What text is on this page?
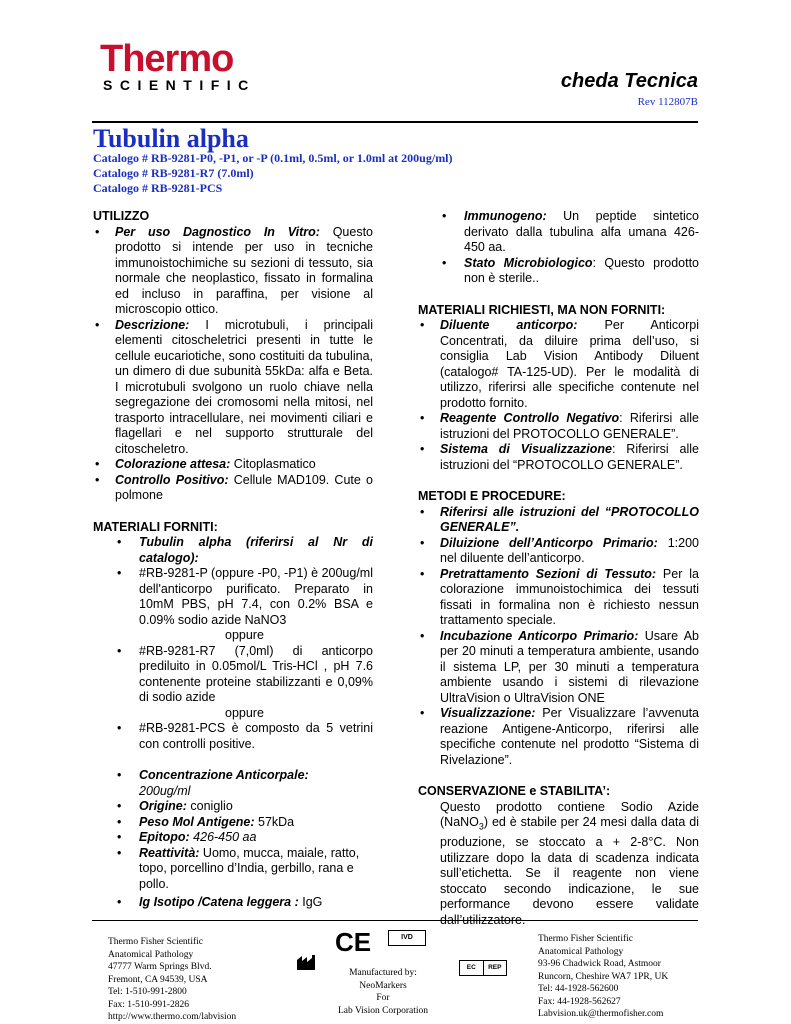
Thermo
SCIENTIFIC	cheda Tecnica
Rev 112807B
Tubulin alpha
Catalogo # RB-9281-P0, -P1, or -P (0.1ml, 0.5ml, or 1.0ml at 200ug/ml)
Catalogo # RB-9281-R7 (7.0ml)
Catalogo # RB-9281-PCS

UTILIZZO

• Per uso Dagnostico In Vitro: Questo prodotto si intende per uso in tecniche immunoistochimiche su sezioni di tessuto, sia normale che neoplastico, fissato in formalina ed incluso in paraffina, per visione al microscopio ottico.
• Descrizione: I microtubuli, i principali elementi citoscheletrici presenti in tutte le cellule eucariotiche, sono costituiti da tubulina, un dimero di due subunità 55kDa: alfa e Beta. I microtubuli svolgono un ruolo chiave nella segregazione dei cromosomi nella mitosi, nel trasporto intracellulare, nei movimenti ciliari e flagellari e nel supporto strutturale del citoscheletro.
• Colorazione attesa: Citoplasmatico
• Controllo Positivo: Cellule MAD109. Cute o polmone

MATERIALI FORNITI:

• Tubulin alpha (riferirsi al Nr di catalogo):
• #RB-9281-P (oppure -P0, -P1) è 200ug/ml dell'anticorpo purificato. Preparato in 10mM PBS, pH 7.4, con 0.2% BSA e 0.09% sodio azide NaNO3
oppure
• #RB-9281-R7 (7,0ml) di anticorpo prediluito in 0.05mol/L Tris-HCl , pH 7.6 contenente proteine stabilizzanti e 0,09% di sodio azide
oppure
• #RB-9281-PCS è composto da 5 vetrini con controlli positive.
• Concentrazione Anticorpale:
200ug/ml
• Origine: coniglio
• Peso Mol Antigene: 57kDa
• Epitopo: 426-450 aa
• Reattività: Uomo, mucca, maiale, ratto, topo, porcellino d’India, gerbillo, rana e pollo.
• Ig Isotipo /Catena leggera : IgG
• Immunogeno: Un peptide sintetico derivato dalla tubulina alfa umana 426-450 aa.
• Stato Microbiologico: Questo prodotto non è sterile..

MATERIALI RICHIESTI, MA NON FORNITI:

• Diluente anticorpo: Per Anticorpi Concentrati, da diluire prima dell’uso, si consiglia Lab Vision Antibody Diluent (catalogo# TA-125-UD). Per le modalità di utilizzo, riferirsi alle specifiche contenute nel prodotto fornito.
• Reagente Controllo Negativo: Riferirsi alle istruzioni del PROTOCOLLO GENERALE”.
• Sistema di Visualizzazione: Riferirsi alle istruzioni del “PROTOCOLLO GENERALE”.

METODI E PROCEDURE:

• Riferirsi alle istruzioni del “PROTOCOLLO GENERALE”.
• Diluizione dell’Anticorpo Primario: 1:200 nel diluente dell’anticorpo.
• Pretrattamento Sezioni di Tessuto: Per la colorazione immunoistochimica dei tessuti fissati in formalina non è richiesto nessun trattamento speciale.
• Incubazione Anticorpo Primario: Usare Ab per 20 minuti a temperatura ambiente, usando il sistema LP, per 30 minuti a temperatura ambiente usando i sistemi di rilevazione UltraVision o UltraVision ONE
• Visualizzazione: Per Visualizzare l’avvenuta reazione Antigene-Anticorpo, riferirsi alle specifiche contenute nel prodotto “Sistema di Rivelazione”.

CONSERVAZIONE e STABILITA’:

Questo prodotto contiene Sodio Azide (NaNO$_3$) ed è stabile per 24 mesi dalla data di produzione, se stoccato a + 2-8°C. Non utilizzare dopo la data di scadenza indicata sull’etichetta. Se il reagente non viene stoccato secondo indicazione, le sue performance devono essere validate dall’utilizzatore.
Thermo Fisher Scientific
Anatomical Pathology
47777 Warm Springs Blvd.
Fremont, CA 94539, USA
Tel: 1-510-991-2800
Fax: 1-510-991-2826
http://www.thermo.com/labvision
CE	IVD
Manufactured by:
NeoMarkers
For
Lab Vision Corporation
EC	REP
Thermo Fisher Scientific
Anatomical Pathology
93-96 Chadwick Road, Astmoor
Runcorn, Cheshire WA7 1PR, UK
Tel: 44-1928-562600
Fax: 44-1928-562627
Labvision.uk@thermofisher.com
